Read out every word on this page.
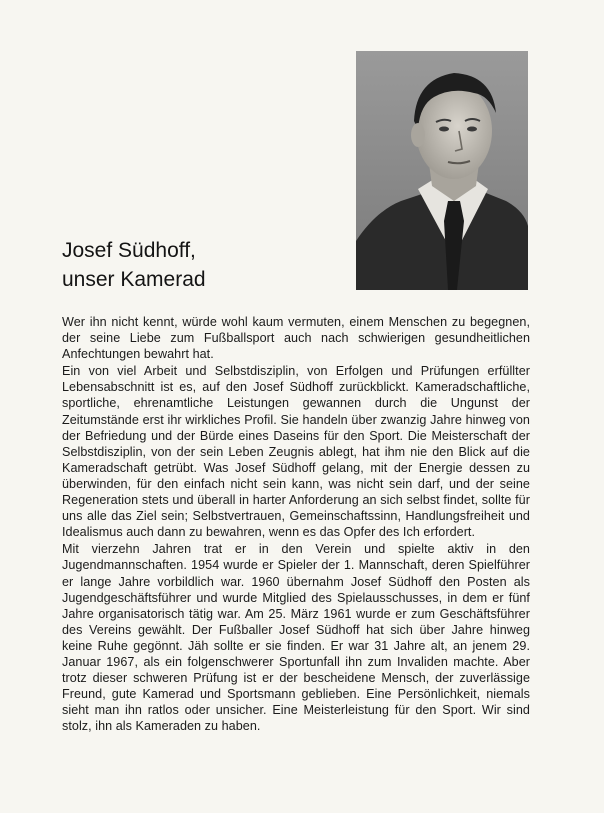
Josef Südhoff,
unser Kamerad

Wer ihn nicht kennt, würde wohl kaum vermuten, einem Menschen zu begegnen, der seine Liebe zum Fußballsport auch nach schwierigen gesundheitlichen Anfechtungen bewahrt hat.

Ein von viel Arbeit und Selbstdisziplin, von Erfolgen und Prüfungen erfüllter Lebensabschnitt ist es, auf den Josef Südhoff zurückblickt. Kameradschaftliche, sportliche, ehrenamtliche Leistungen gewannen durch die Ungunst der Zeitumstände erst ihr wirkliches Profil. Sie handeln über zwanzig Jahre hinweg von der Befriedung und der Bürde eines Daseins für den Sport. Die Meisterschaft der Selbstdisziplin, von der sein Leben Zeugnis ablegt, hat ihm nie den Blick auf die Kameradschaft getrübt. Was Josef Südhoff gelang, mit der Energie dessen zu überwinden, für den einfach nicht sein kann, was nicht sein darf, und der seine Regeneration stets und überall in harter Anforderung an sich selbst findet, sollte für uns alle das Ziel sein; Selbstvertrauen, Gemeinschaftssinn, Handlungsfreiheit und Idealismus auch dann zu bewahren, wenn es das Opfer des Ich erfordert.

Mit vierzehn Jahren trat er in den Verein und spielte aktiv in den Jugendmannschaften. 1954 wurde er Spieler der 1. Mannschaft, deren Spielführer er lange Jahre vorbildlich war. 1960 übernahm Josef Südhoff den Posten als Jugendgeschäftsführer und wurde Mitglied des Spielausschusses, in dem er fünf Jahre organisatorisch tätig war. Am 25. März 1961 wurde er zum Geschäftsführer des Vereins gewählt. Der Fußballer Josef Südhoff hat sich über Jahre hinweg keine Ruhe gegönnt. Jäh sollte er sie finden. Er war 31 Jahre alt, an jenem 29. Januar 1967, als ein folgenschwerer Sportunfall ihn zum Invaliden machte. Aber trotz dieser schweren Prüfung ist er der bescheidene Mensch, der zuverlässige Freund, gute Kamerad und Sportsmann geblieben. Eine Persönlichkeit, niemals sieht man ihn ratlos oder unsicher. Eine Meisterleistung für den Sport. Wir sind stolz, ihn als Kameraden zu haben.
